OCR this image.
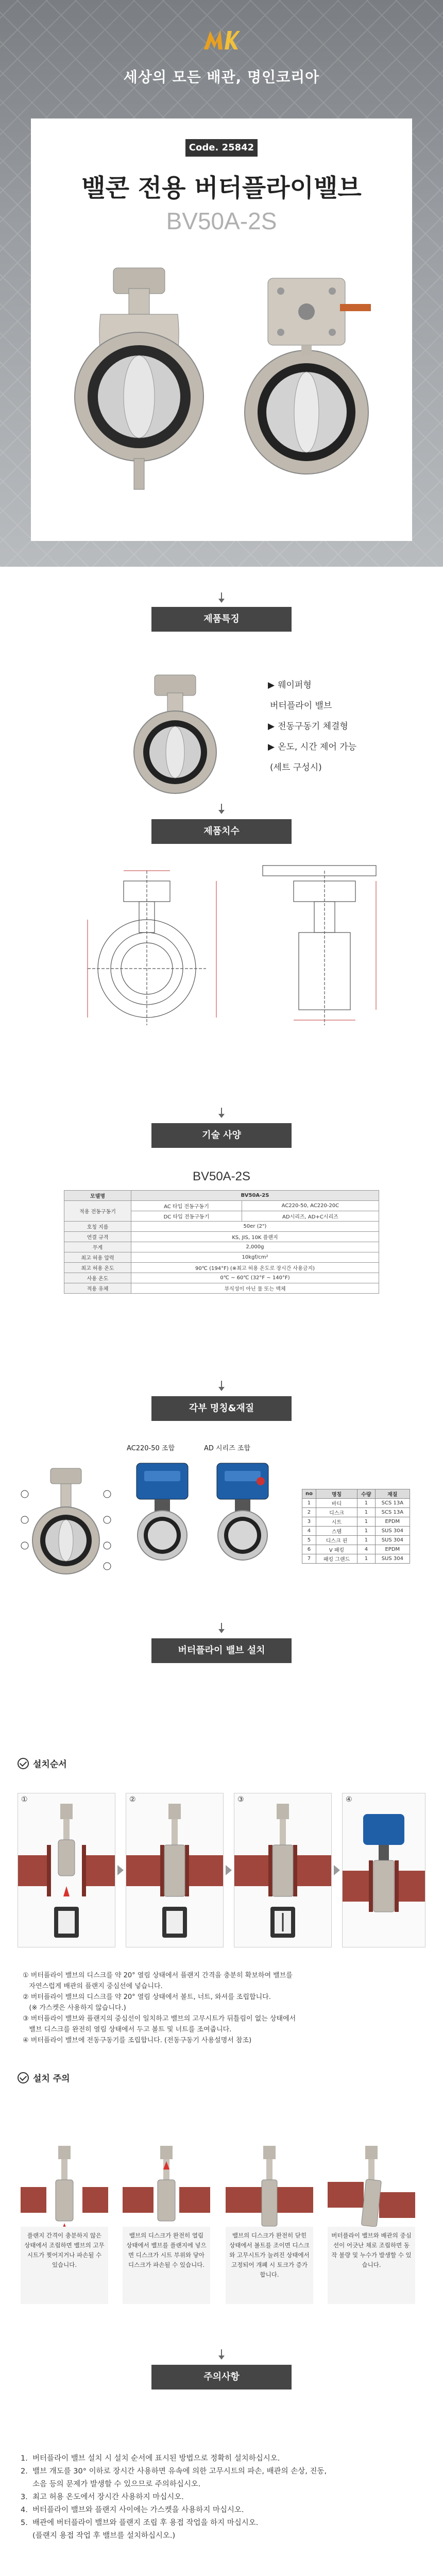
세상의 모든 배관, 명인코리아
Code. 25842
밸콘 전용 버터플라이밸브
BV50A-2S
제품특징
▶ 웨이퍼형
버터플라이 밸브
▶ 전동구동기 체결형
▶ 온도, 시간 제어 가능
(세트 구성시)
제품치수
기술 사양
BV50A-2S
모델명	BV50A-2S	
적용 전동구동기	AC 타입 전동구동기	AC220-50, AC220-20C
	DC 타입 전동구동기	AD시리즈, AD+C시리즈
호칭 지름	50er (2")	
연결 규격	KS, JIS, 10K 플랜지	
무게	2,000g	
최고 허용 압력	10kgf/cm²	
최고 허용 온도	90℃ (194°F) (※최고 허용 온도로 장시간 사용금지)	
사용 온도	0℃ ~ 60℃ (32°F ~ 140°F)	
적용 유체	부식성이 아닌 물 또는 액체	
각부 명칭&재질
AC220-50 조합	AD 시리즈 조합
no	명칭	수량	재질
1	바디	1	SCS 13A
2	디스크	1	SCS 13A
3	시트	1	EPDM
4	스템	1	SUS 304
5	디스크 핀	1	SUS 304
6	V 패킹	4	EPDM
7	패킹 그랜드	1	SUS 304
버터플라이 밸브 설치
설치순서
①	②	③	④
① 버터플라이 밸브의 디스크를 약 20° 열림 상태에서 플랜지 간격을 충분히 확보하여 밸브를
자연스럽게 배관의 플랜지 중심선에 넣습니다.
② 버터플라이 밸브의 디스크를 약 20° 열림 상태에서 볼트, 너트, 와셔를 조립합니다.
(※ 가스켓은 사용하지 않습니다.)
③ 버터플라이 밸브와 플랜지의 중심선이 일치하고 밸브의 고무시트가 뒤틀림이 없는 상태에서
밸브 디스크를 완전히 열림 상태에서 두고 볼트 및 너트를 조여줍니다.
④ 버터플라이 밸브에 전동구동기를 조립합니다. (전동구동기 사용설명서 참조)
설치 주의
플랜지 간격이 충분하지 않은 상태에서 조립하면 밸브의 고무시트가 찢어지거나 파손될 수 있습니다.
밸브의 디스크가 완전히 열림 상태에서 밸브를 플랜지에 넣으면 디스크가 시트 부위와 닿아 디스크가 파손될 수 있습니다.
밸브의 디스크가 완전히 닫힌 상태에서 볼트를 조이면 디스크와 고무시트가 눌려진 상태에서 고정되어 개폐 시 토크가 증가합니다.
버터플라이 밸브와 배관의 중심선이 어긋난 채로 조립하면 동작 불량 및 누수가 발생할 수 있습니다.
주의사항
1.  버터플라이 밸브 설치 시 설치 순서에 표시된 방법으로 정확히 설치하십시오.
2.  밸브 개도를 30° 이하로 장시간 사용하면 유속에 의한 고무시트의 파손, 배관의 손상, 진동,
소음 등의 문제가 발생할 수 있으므로 주의하십시오.
3.  최고 허용 온도에서 장시간 사용하지 마십시오.
4.  버터플라이 밸브와 플랜지 사이에는 가스켓을 사용하지 마십시오.
5.  배관에 버터플라이 밸브와 플랜지 조립 후 용접 작업을 하지 마십시오.
(플랜지 용접 작업 후 밸브를 설치하십시오.)
